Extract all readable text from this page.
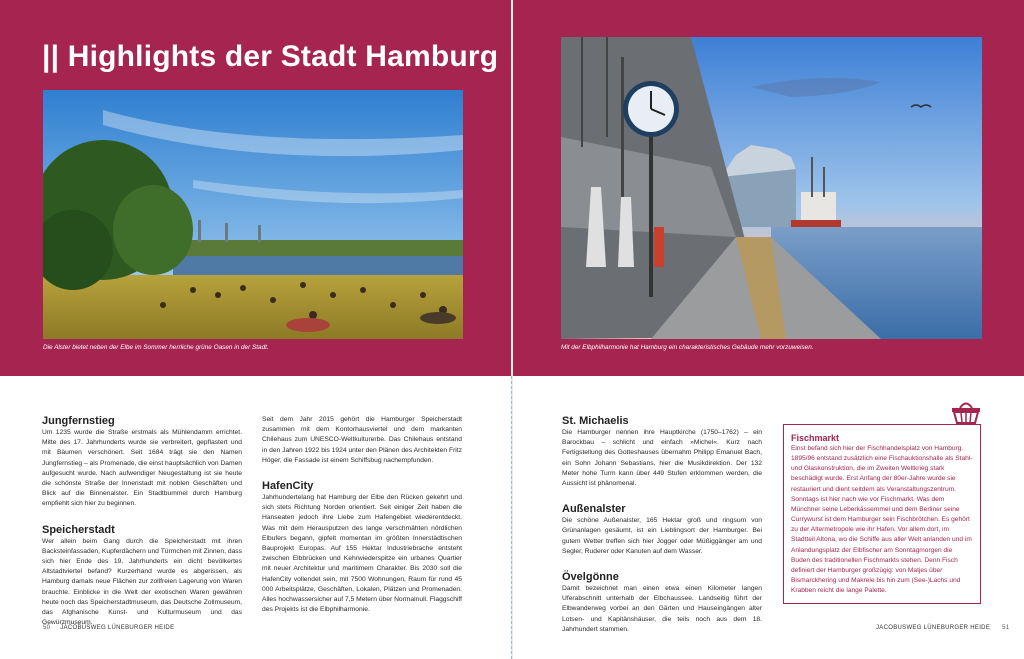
|| Highlights der Stadt Hamburg
Die Alster bietet neben der Elbe im Sommer herrliche grüne Oasen in der Stadt.	Mit der Elbphilharmonie hat Hamburg ein charakteristisches Gebäude mehr vorzuweisen.
Jungfernstieg

Um 1235 wurde die Straße erstmals als Mühlendamm errichtet. Mitte des 17. Jahrhunderts wurde sie verbreitert, gepflastert und mit Bäumen verschönert. Seit 1684 trägt sie den Namen Jungfernstieg – als Promenade, die einst hauptsächlich von Damen aufgesucht wurde. Nach aufwendiger Neugestaltung ist sie heute die schönste Straße der Innenstadt mit noblen Geschäften und Blick auf die Binnenalster. Ein Stadtbummel durch Hamburg empfiehlt sich hier zu beginnen.

Speicherstadt

Wer allein beim Gang durch die Speicherstadt mit ihren Backsteinfassaden, Kupferdächern und Türmchen mit Zinnen, dass sich hier Ende des 19. Jahrhunderts ein dicht bevölkertes Altstadtviertel befand? Kurzerhand wurde es abgerissen, als Hamburg damals neue Flächen zur zollfreien Lagerung von Waren brauchte. Einblicke in die Welt der exotischen Waren gewähren heute noch das Speicherstadtmuseum, das Deutsche Zollmuseum, das Afghanische Kunst- und Kulturmuseum und das Gewürzmuseum.

Seit dem Jahr 2015 gehört die Hamburger Speicherstadt zusammen mit dem Kontorhausviertel und dem markanten Chilehaus zum UNESCO-Weltkulturerbe. Das Chilehaus entstand in den Jahren 1922 bis 1924 unter den Plänen des Architekten Fritz Höger, die Fassade ist einem Schiffsbug nachempfunden.

HafenCity

Jahrhundertelang hat Hamburg der Elbe den Rücken gekehrt und sich stets Richtung Norden orientiert. Seit einiger Zeit haben die Hanseaten jedoch ihre Liebe zum Hafengebiet wiederentdeckt. Was mit dem Herausputzen des lange verschmähten nördlichen Elbufers begann, gipfelt momentan im größten Innerstädtischen Bauprojekt Europas. Auf 155 Hektar Industriebrache entsteht zwischen Elbbrücken und Kehrwiederspitze ein urbanes Quartier mit neuer Architektur und maritimem Charakter. Bis 2030 soll die HafenCity vollendet sein, mit 7500 Wohnungen, Raum für rund 45 000 Arbeitsplätze, Geschäften, Lokalen, Plätzen und Promenaden. Alles hochwassersicher auf 7,5 Metern über Normalnull. Flaggschiff des Projekts ist die Elbphilharmonie.

St. Michaelis

Die Hamburger nennen ihre Hauptkirche (1750–1762) – ein Barockbau – schlicht und einfach »Michel«. Kurz nach Fertigstellung des Gotteshauses übernahm Philipp Emanuel Bach, ein Sohn Johann Sebastians, hier die Musikdirektion. Der 132 Meter hohe Turm kann über 449 Stufen erklommen werden, die Aussicht ist phänomenal.

Außenalster

Die schöne Außenalster, 165 Hektar groß und ringsum von Grünanlagen gesäumt, ist ein Lieblingsort der Hamburger. Bei gutem Wetter treffen sich hier Jogger oder Müßiggänger am und Segler, Ruderer oder Kanuten auf dem Wasser.

Övelgönne

Damit bezeichnet man einen etwa einen Kilometer langen Uferabschnitt unterhalb der Elbchaussee. Landseitig führt der Elbwanderweg vorbei an den Gärten und Hauseingängen alter Lotsen- und Kapitänshäuser, die teils noch aus dem 18. Jahrhundert stammen.

Fischmarkt

Einst befand sich hier der Fischhandelsplatz von Hamburg. 1895/96 entstand zusätzlich eine Fischauktionshalle als Stahl- und Glaskonstruktion, die im Zweiten Weltkrieg stark beschädigt wurde. Erst Anfang der 80er-Jahre wurde sie restauriert und dient seitdem als Veranstaltungszentrum. Sonntags ist hier nach wie vor Fischmarkt. Was dem Münchner seine Leberkässemmel und dem Berliner seine Currywurst ist dem Hamburger sein Fischbrötchen. Es gehört zu der Altermetropole wie ihr Hafen. Vor allem dort, im Stadtteil Altona, wo die Schiffe aus aller Welt anlanden und im Anlandungsplatz der Elbfischer am Sonntagmorgen die Buden des traditionellen Fischmarkts stehen. Denn Fisch definiert der Hamburger großzügig: von Matjes über Bismarckhering und Makrele bis hin zum (See-)Lachs und Krabben reicht die lange Palette.

50 JACOBUSWEG LÜNEBURGER HEIDE	JACOBUSWEG LÜNEBURGER HEIDE 51
